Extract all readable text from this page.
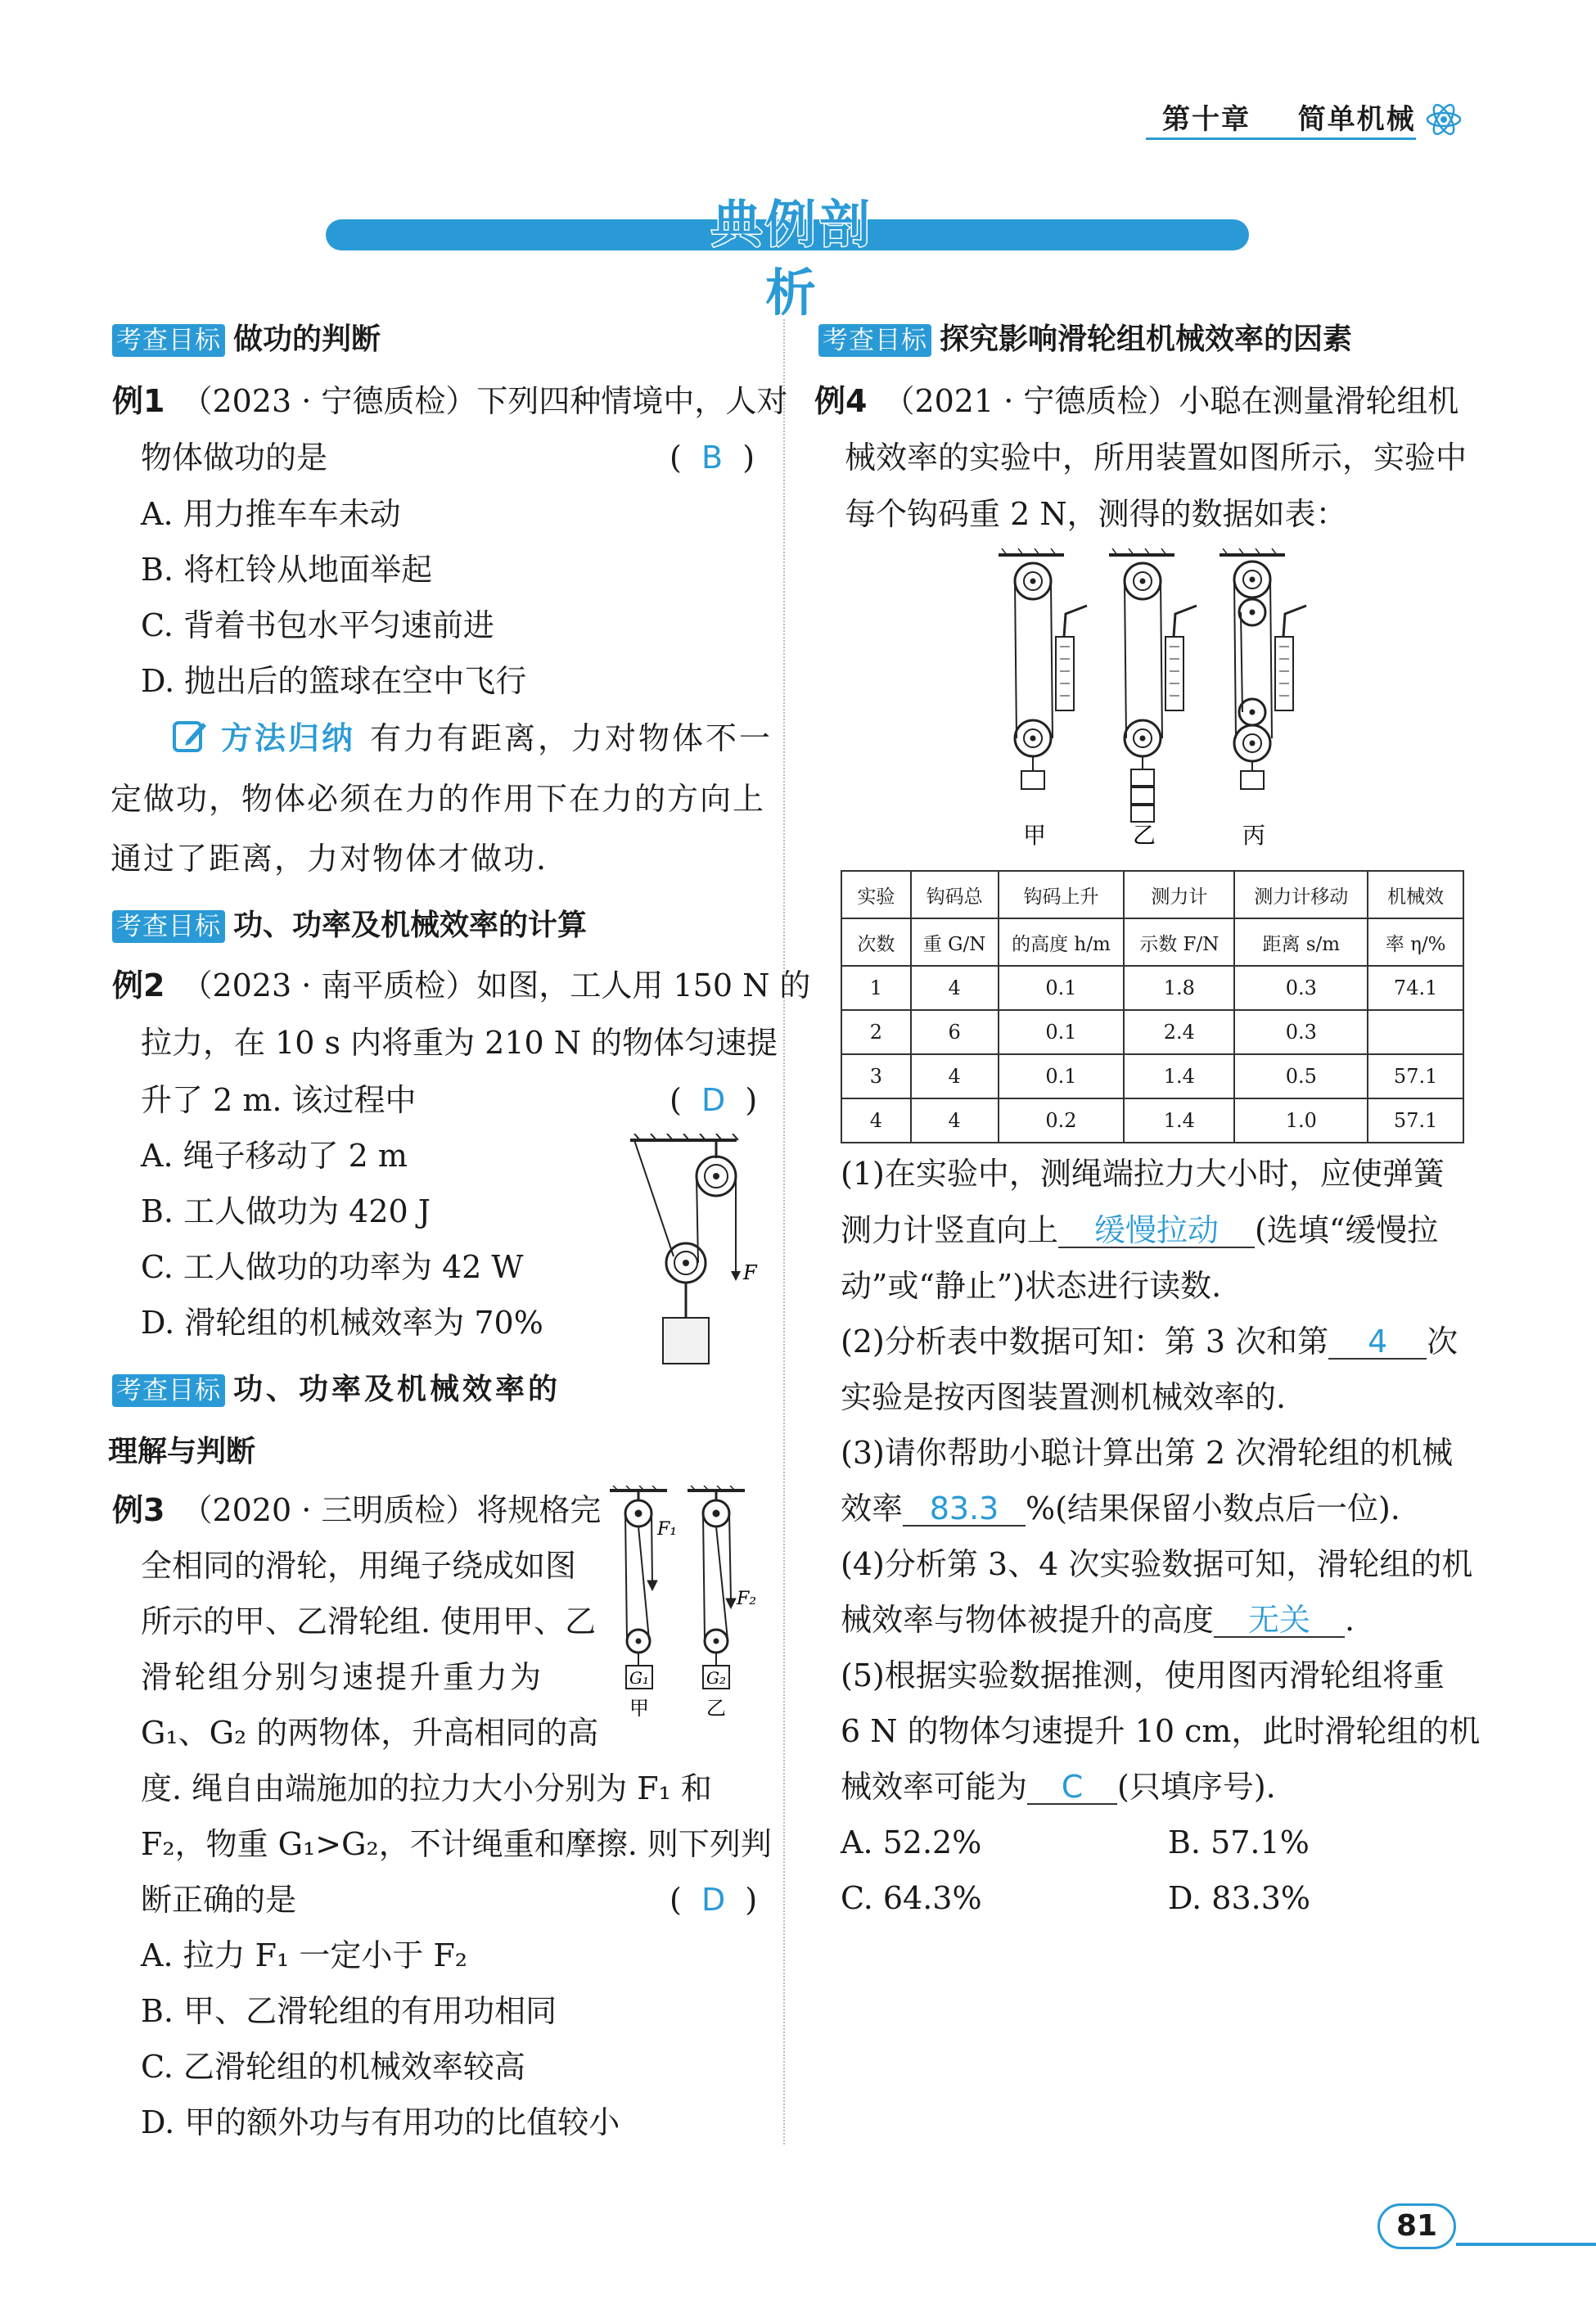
第十章 简单机械
典例剖析
考查目标 做功的判断
例1 （2023 · 宁德质检）下列四种情境中，人对
物体做功的是	(  B  )
A. 用力推车车未动
B. 将杠铃从地面举起
C. 背着书包水平匀速前进
D. 抛出后的篮球在空中飞行
方法归纳 有力有距离，力对物体不一
定做功，物体必须在力的作用下在力的方向上
通过了距离，力对物体才做功.
考查目标 功、功率及机械效率的计算
例2 （2023 · 南平质检）如图，工人用 150 N 的
拉力，在 10 s 内将重为 210 N 的物体匀速提
升了 2 m. 该过程中	(  D  )
A. 绳子移动了 2 m
B. 工人做功为 420 J
C. 工人做功的功率为 42 W
D. 滑轮组的机械效率为 70%
F
考查目标 功、功率及机械效率的
理解与判断
例3 （2020 · 三明质检）将规格完
全相同的滑轮，用绳子绕成如图
所示的甲、乙滑轮组. 使用甲、乙
滑轮组分别匀速提升重力为
G₁、G₂ 的两物体，升高相同的高
度. 绳自由端施加的拉力大小分别为 F₁ 和
F₂，物重 G₁>G₂，不计绳重和摩擦. 则下列判
断正确的是	(  D  )
A. 拉力 F₁ 一定小于 F₂
B. 甲、乙滑轮组的有用功相同
C. 乙滑轮组的机械效率较高
D. 甲的额外功与有用功的比值较小
F₁
F₂
G₁	G₂
甲	乙
考查目标 探究影响滑轮组机械效率的因素
例4 （2021 · 宁德质检）小聪在测量滑轮组机
械效率的实验中，所用装置如图所示，实验中
每个钩码重 2 N，测得的数据如表：
甲	乙	丙
实验	钩码总	钩码上升	测力计	测力计移动	机械效
次数	重 G/N	的高度 h/m	示数 F/N	距离 s/m	率 η/%
1	4	0.1	1.8	0.3	74.1
2	6	0.1	2.4	0.3	
3	4	0.1	1.4	0.5	57.1
4	4	0.2	1.4	1.0	57.1
(1)在实验中，测绳端拉力大小时，应使弹簧
测力计竖直向上 缓慢拉动 (选填“缓慢拉
动”或“静止”)状态进行读数.
(2)分析表中数据可知：第 3 次和第 4 次
实验是按丙图装置测机械效率的.
(3)请你帮助小聪计算出第 2 次滑轮组的机械
效率 83.3 %(结果保留小数点后一位).
(4)分析第 3、4 次实验数据可知，滑轮组的机
械效率与物体被提升的高度 无关 .
(5)根据实验数据推测，使用图丙滑轮组将重
6 N 的物体匀速提升 10 cm，此时滑轮组的机
械效率可能为 C (只填序号).
A. 52.2%	B. 57.1%
C. 64.3%	D. 83.3%
81
